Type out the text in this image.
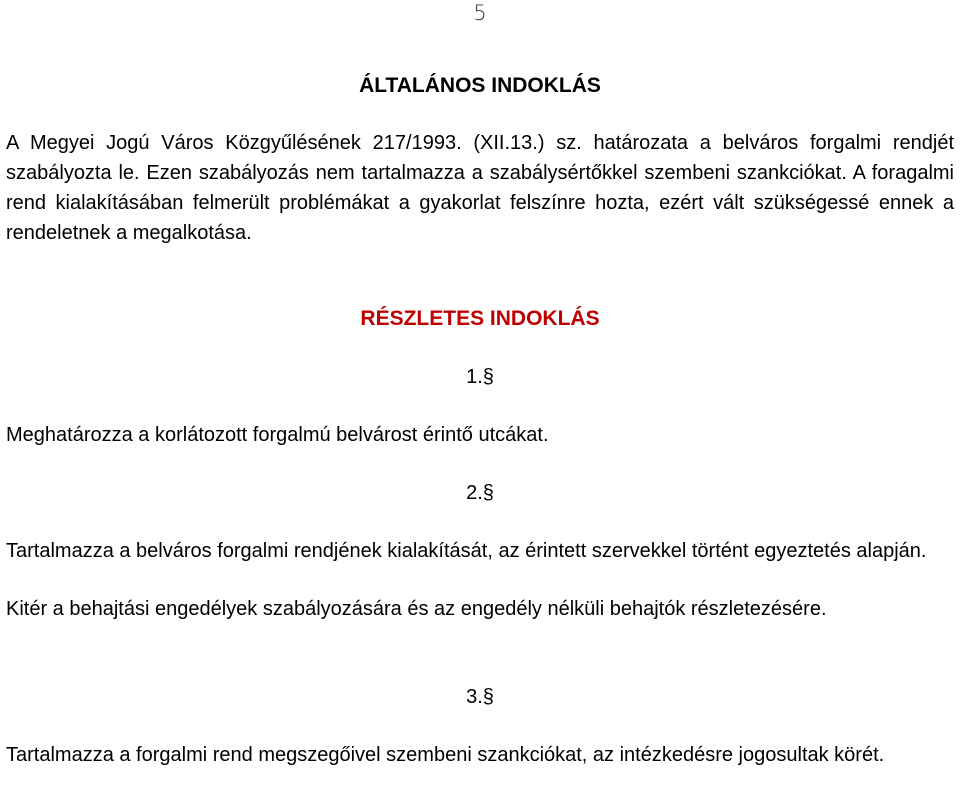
5
ÁLTALÁNOS INDOKLÁS

A Megyei Jogú Város Közgyűlésének 217/1993. (XII.13.) sz. határozata a belváros forgalmi rendjét szabályozta le. Ezen szabályozás nem tartalmazza a szabálysértőkkel szembeni szankciókat. A foragalmi rend kialakításában felmerült problémákat a gyakorlat felszínre hozta, ezért vált szükségessé ennek a rendeletnek a megalkotása.

RÉSZLETES INDOKLÁS
1.§

Meghatározza a korlátozott forgalmú belvárost érintő utcákat.

2.§

Tartalmazza a belváros forgalmi rendjének kialakítását, az érintett szervekkel történt egyeztetés alapján.

Kitér a behajtási engedélyek szabályozására és az engedély nélküli behajtók részletezésére.

3.§

Tartalmazza a forgalmi rend megszegőivel szembeni szankciókat, az intézkedésre jogosultak körét.
